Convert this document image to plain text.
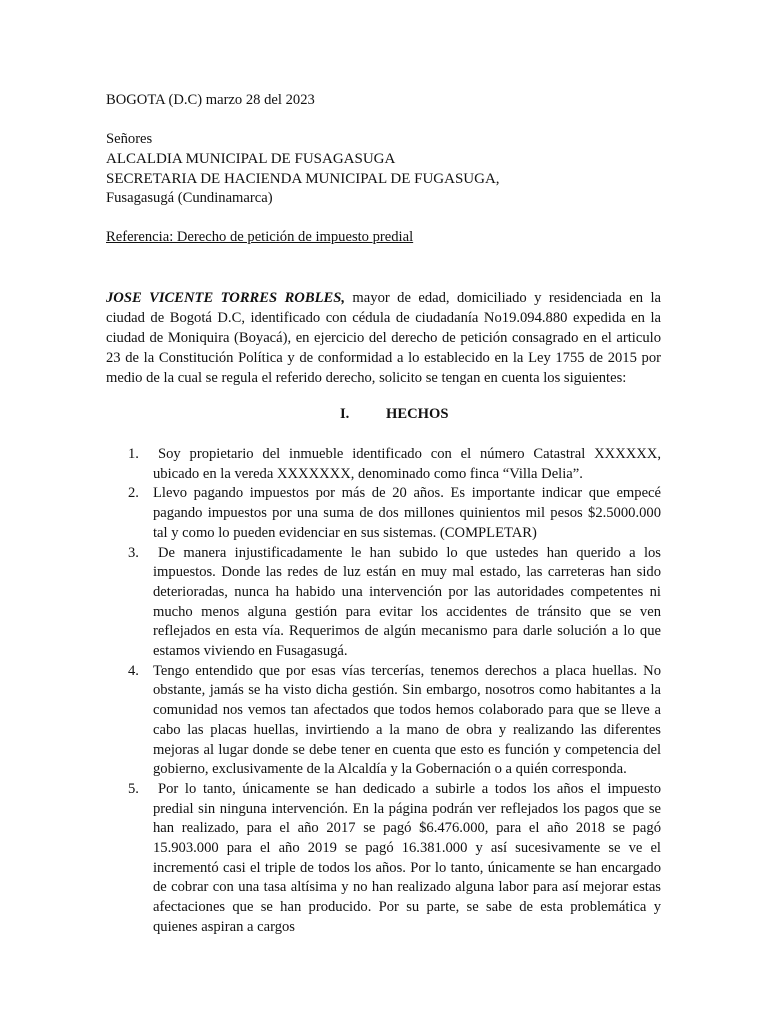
BOGOTA (D.C) marzo 28 del 2023
Señores
ALCALDIA MUNICIPAL DE FUSAGASUGA
SECRETARIA DE HACIENDA MUNICIPAL DE FUGASUGA,
Fusagasugá (Cundinamarca)
Referencia: Derecho de petición de impuesto predial

JOSE VICENTE TORRES ROBLES, mayor de edad, domiciliado y residenciada en la ciudad de Bogotá D.C, identificado con cédula de ciudadanía No19.094.880 expedida en la ciudad de Moniquira (Boyacá), en ejercicio del derecho de petición consagrado en el articulo 23 de la Constitución Política y de conformidad a lo establecido en la Ley 1755 de 2015 por medio de la cual se regula el referido derecho, solicito se tengan en cuenta los siguientes:

I.	HECHOS
1.	Soy propietario del inmueble identificado con el número Catastral XXXXXX, ubicado en la vereda XXXXXXX, denominado como finca “Villa Delia”.
2. Llevo pagando impuestos por más de 20 años. Es importante indicar que empecé pagando impuestos por una suma de dos millones quinientos mil pesos $2.5000.000 tal y como lo pueden evidenciar en sus sistemas. (COMPLETAR)
3.	De manera injustificadamente le han subido lo que ustedes han querido a los impuestos. Donde las redes de luz están en muy mal estado, las carreteras han sido deterioradas, nunca ha habido una intervención por las autoridades competentes ni mucho menos alguna gestión para evitar los accidentes de tránsito que se ven reflejados en esta vía. Requerimos de algún mecanismo para darle solución a lo que estamos viviendo en Fusagasugá.
4. Tengo entendido que por esas vías tercerías, tenemos derechos a placa huellas. No obstante, jamás se ha visto dicha gestión. Sin embargo, nosotros como habitantes a la comunidad nos vemos tan afectados que todos hemos colaborado para que se lleve a cabo las placas huellas, invirtiendo a la mano de obra y realizando las diferentes mejoras al lugar donde se debe tener en cuenta que esto es función y competencia del gobierno, exclusivamente de la Alcaldía y la Gobernación o a quién corresponda.
5.	Por lo tanto, únicamente se han dedicado a subirle a todos los años el impuesto predial sin ninguna intervención. En la página podrán ver reflejados los pagos que se han realizado, para el año 2017 se pagó $6.476.000, para el año 2018 se pagó 15.903.000 para el año 2019 se pagó 16.381.000 y así sucesivamente se ve el incrementó casi el triple de todos los años. Por lo tanto, únicamente se han encargado de cobrar con una tasa altísima y no han realizado alguna labor para así mejorar estas afectaciones que se han producido. Por su parte, se sabe de esta problemática y quienes aspiran a cargos
